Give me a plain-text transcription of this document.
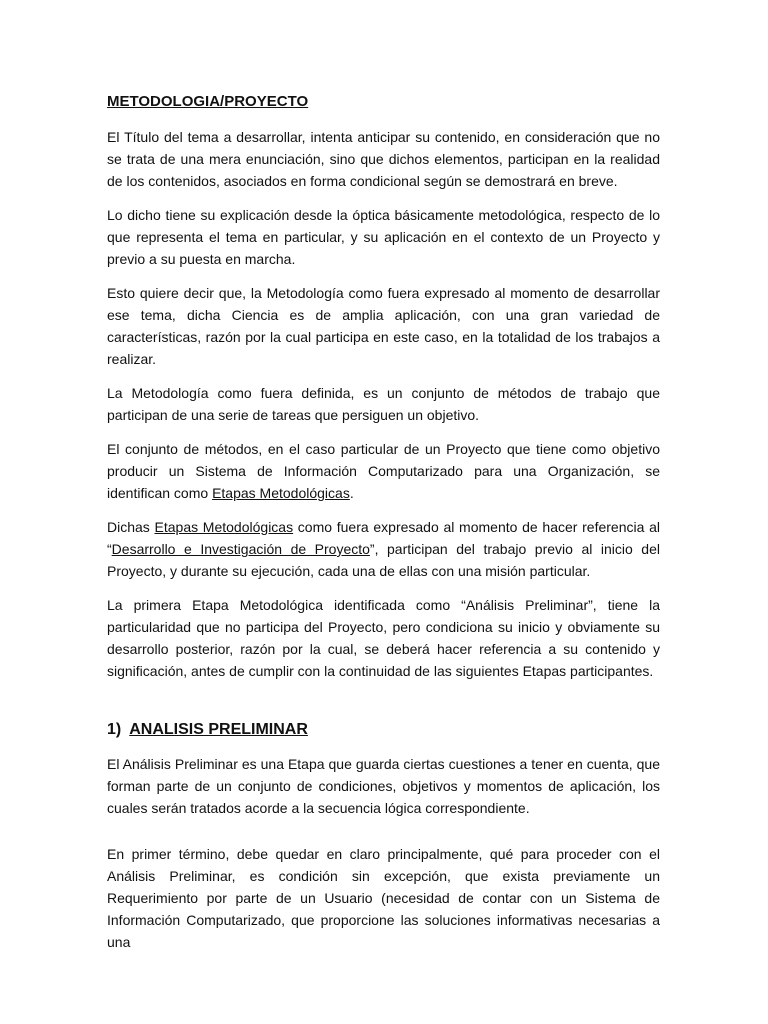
METODOLOGIA/PROYECTO

El Título del tema a desarrollar, intenta anticipar su contenido, en consideración que no se trata de una mera enunciación, sino que dichos elementos, participan en la realidad de los contenidos, asociados en forma condicional según se demostrará en breve.

Lo dicho tiene su explicación desde la óptica básicamente metodológica, respecto de lo que representa el tema en particular, y su aplicación en el contexto de un Proyecto y previo a su puesta en marcha.

Esto quiere decir que, la Metodología como fuera expresado al momento de desarrollar ese tema, dicha Ciencia es de amplia aplicación, con una gran variedad de características, razón por la cual participa en este caso, en la totalidad de los trabajos a realizar.

La Metodología como fuera definida, es un conjunto de métodos de trabajo que participan de una serie de tareas que persiguen un objetivo.

El conjunto de métodos, en el caso particular de un Proyecto que tiene como objetivo producir un Sistema de Información Computarizado para una Organización, se identifican como Etapas Metodológicas.

Dichas Etapas Metodológicas como fuera expresado al momento de hacer referencia al “Desarrollo e Investigación de Proyecto”, participan del trabajo previo al inicio del Proyecto, y durante su ejecución, cada una de ellas con una misión particular.

La primera Etapa Metodológica identificada como “Análisis Preliminar”, tiene la particularidad que no participa del Proyecto, pero condiciona su inicio y obviamente su desarrollo posterior, razón por la cual, se deberá hacer referencia a su contenido y significación, antes de cumplir con la continuidad de las siguientes Etapas participantes.

1) ANALISIS PRELIMINAR

El Análisis Preliminar es una Etapa que guarda ciertas cuestiones a tener en cuenta, que forman parte de un conjunto de condiciones, objetivos y momentos de aplicación, los cuales serán tratados acorde a la secuencia lógica correspondiente.

En primer término, debe quedar en claro principalmente, qué para proceder con el Análisis Preliminar, es condición sin excepción, que exista previamente un Requerimiento por parte de un Usuario (necesidad de contar con un Sistema de Información Computarizado, que proporcione las soluciones informativas necesarias a una
